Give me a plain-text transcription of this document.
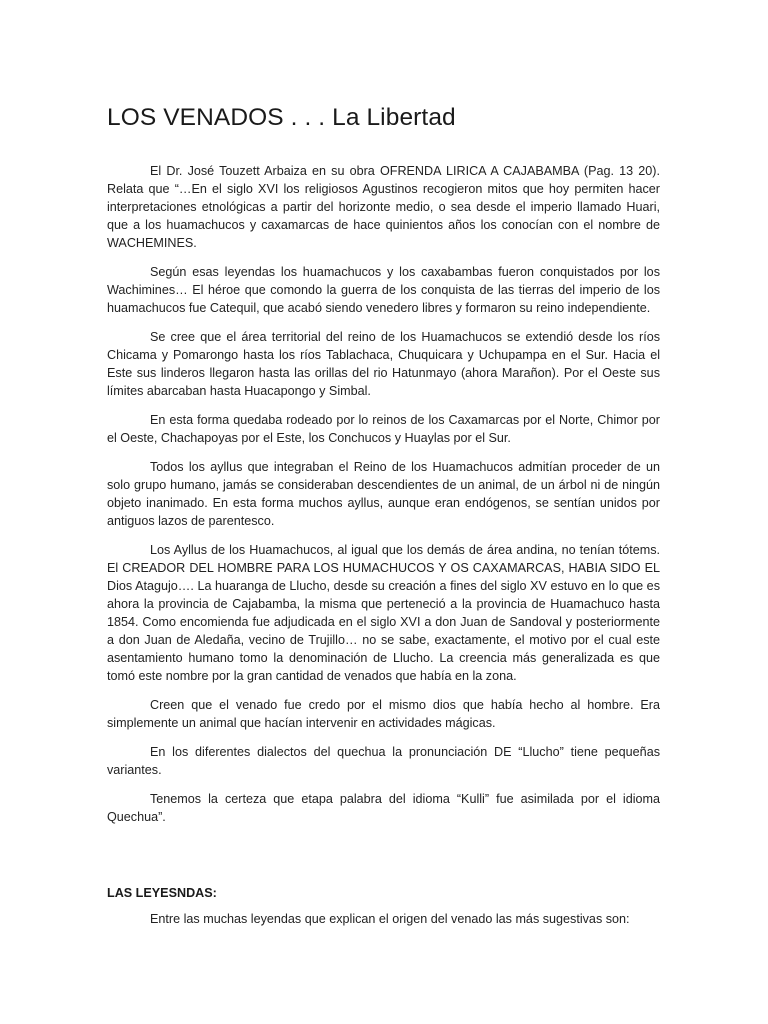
LOS VENADOS . . . La Libertad

El Dr. José Touzett Arbaiza en su obra OFRENDA LIRICA A CAJABAMBA (Pag. 13 20). Relata que “…En el siglo XVI los religiosos Agustinos recogieron mitos que hoy permiten hacer interpretaciones etnológicas a partir del horizonte medio, o sea desde el imperio llamado Huari, que a los huamachucos y caxamarcas de hace quinientos años los conocían con el nombre de WACHEMINES.

Según esas leyendas los huamachucos y los caxabambas fueron conquistados por los Wachimines… El héroe que comondo la guerra de los conquista de las tierras del imperio de los huamachucos fue Catequil, que acabó siendo venedero libres y formaron su reino independiente.

Se cree que el área territorial del reino de los Huamachucos se extendió desde los ríos Chicama y Pomarongo hasta los ríos Tablachaca, Chuquicara y Uchupampa en el Sur. Hacia el Este sus linderos llegaron hasta las orillas del rio Hatunmayo (ahora Marañon). Por el Oeste sus límites abarcaban hasta Huacapongo y Simbal.

En esta forma quedaba rodeado por lo reinos de los Caxamarcas por el Norte, Chimor por el Oeste, Chachapoyas por el Este, los Conchucos y Huaylas por el Sur.

Todos los ayllus que integraban el Reino de los Huamachucos admitían proceder de un solo grupo humano, jamás se consideraban descendientes de un animal, de un árbol ni de ningún objeto inanimado. En esta forma muchos ayllus, aunque eran endógenos, se sentían unidos por antiguos lazos de parentesco.

Los Ayllus de los Huamachucos, al igual que los demás de área andina, no tenían tótems. El CREADOR DEL HOMBRE PARA LOS HUMACHUCOS Y OS CAXAMARCAS, HABIA SIDO EL Dios Atagujo…. La huaranga de Llucho, desde su creación a fines del siglo XV estuvo en lo que es ahora la provincia de Cajabamba, la misma que perteneció a la provincia de Huamachuco hasta 1854. Como encomienda fue adjudicada en el siglo XVI a don Juan de Sandoval y posteriormente a don Juan de Aledaña, vecino de Trujillo… no se sabe, exactamente, el motivo por el cual este asentamiento humano tomo la denominación de Llucho. La creencia más generalizada es que tomó este nombre por la gran cantidad de venados que había en la zona.

Creen que el venado fue credo por el mismo dios que había hecho al hombre. Era simplemente un animal que hacían intervenir en actividades mágicas.

En los diferentes dialectos del quechua la pronunciación DE “Llucho” tiene pequeñas variantes.

Tenemos la certeza que etapa palabra del idioma “Kulli” fue asimilada por el idioma Quechua”.

LAS LEYESNDAS:

Entre las muchas leyendas que explican el origen del venado las más sugestivas son:
